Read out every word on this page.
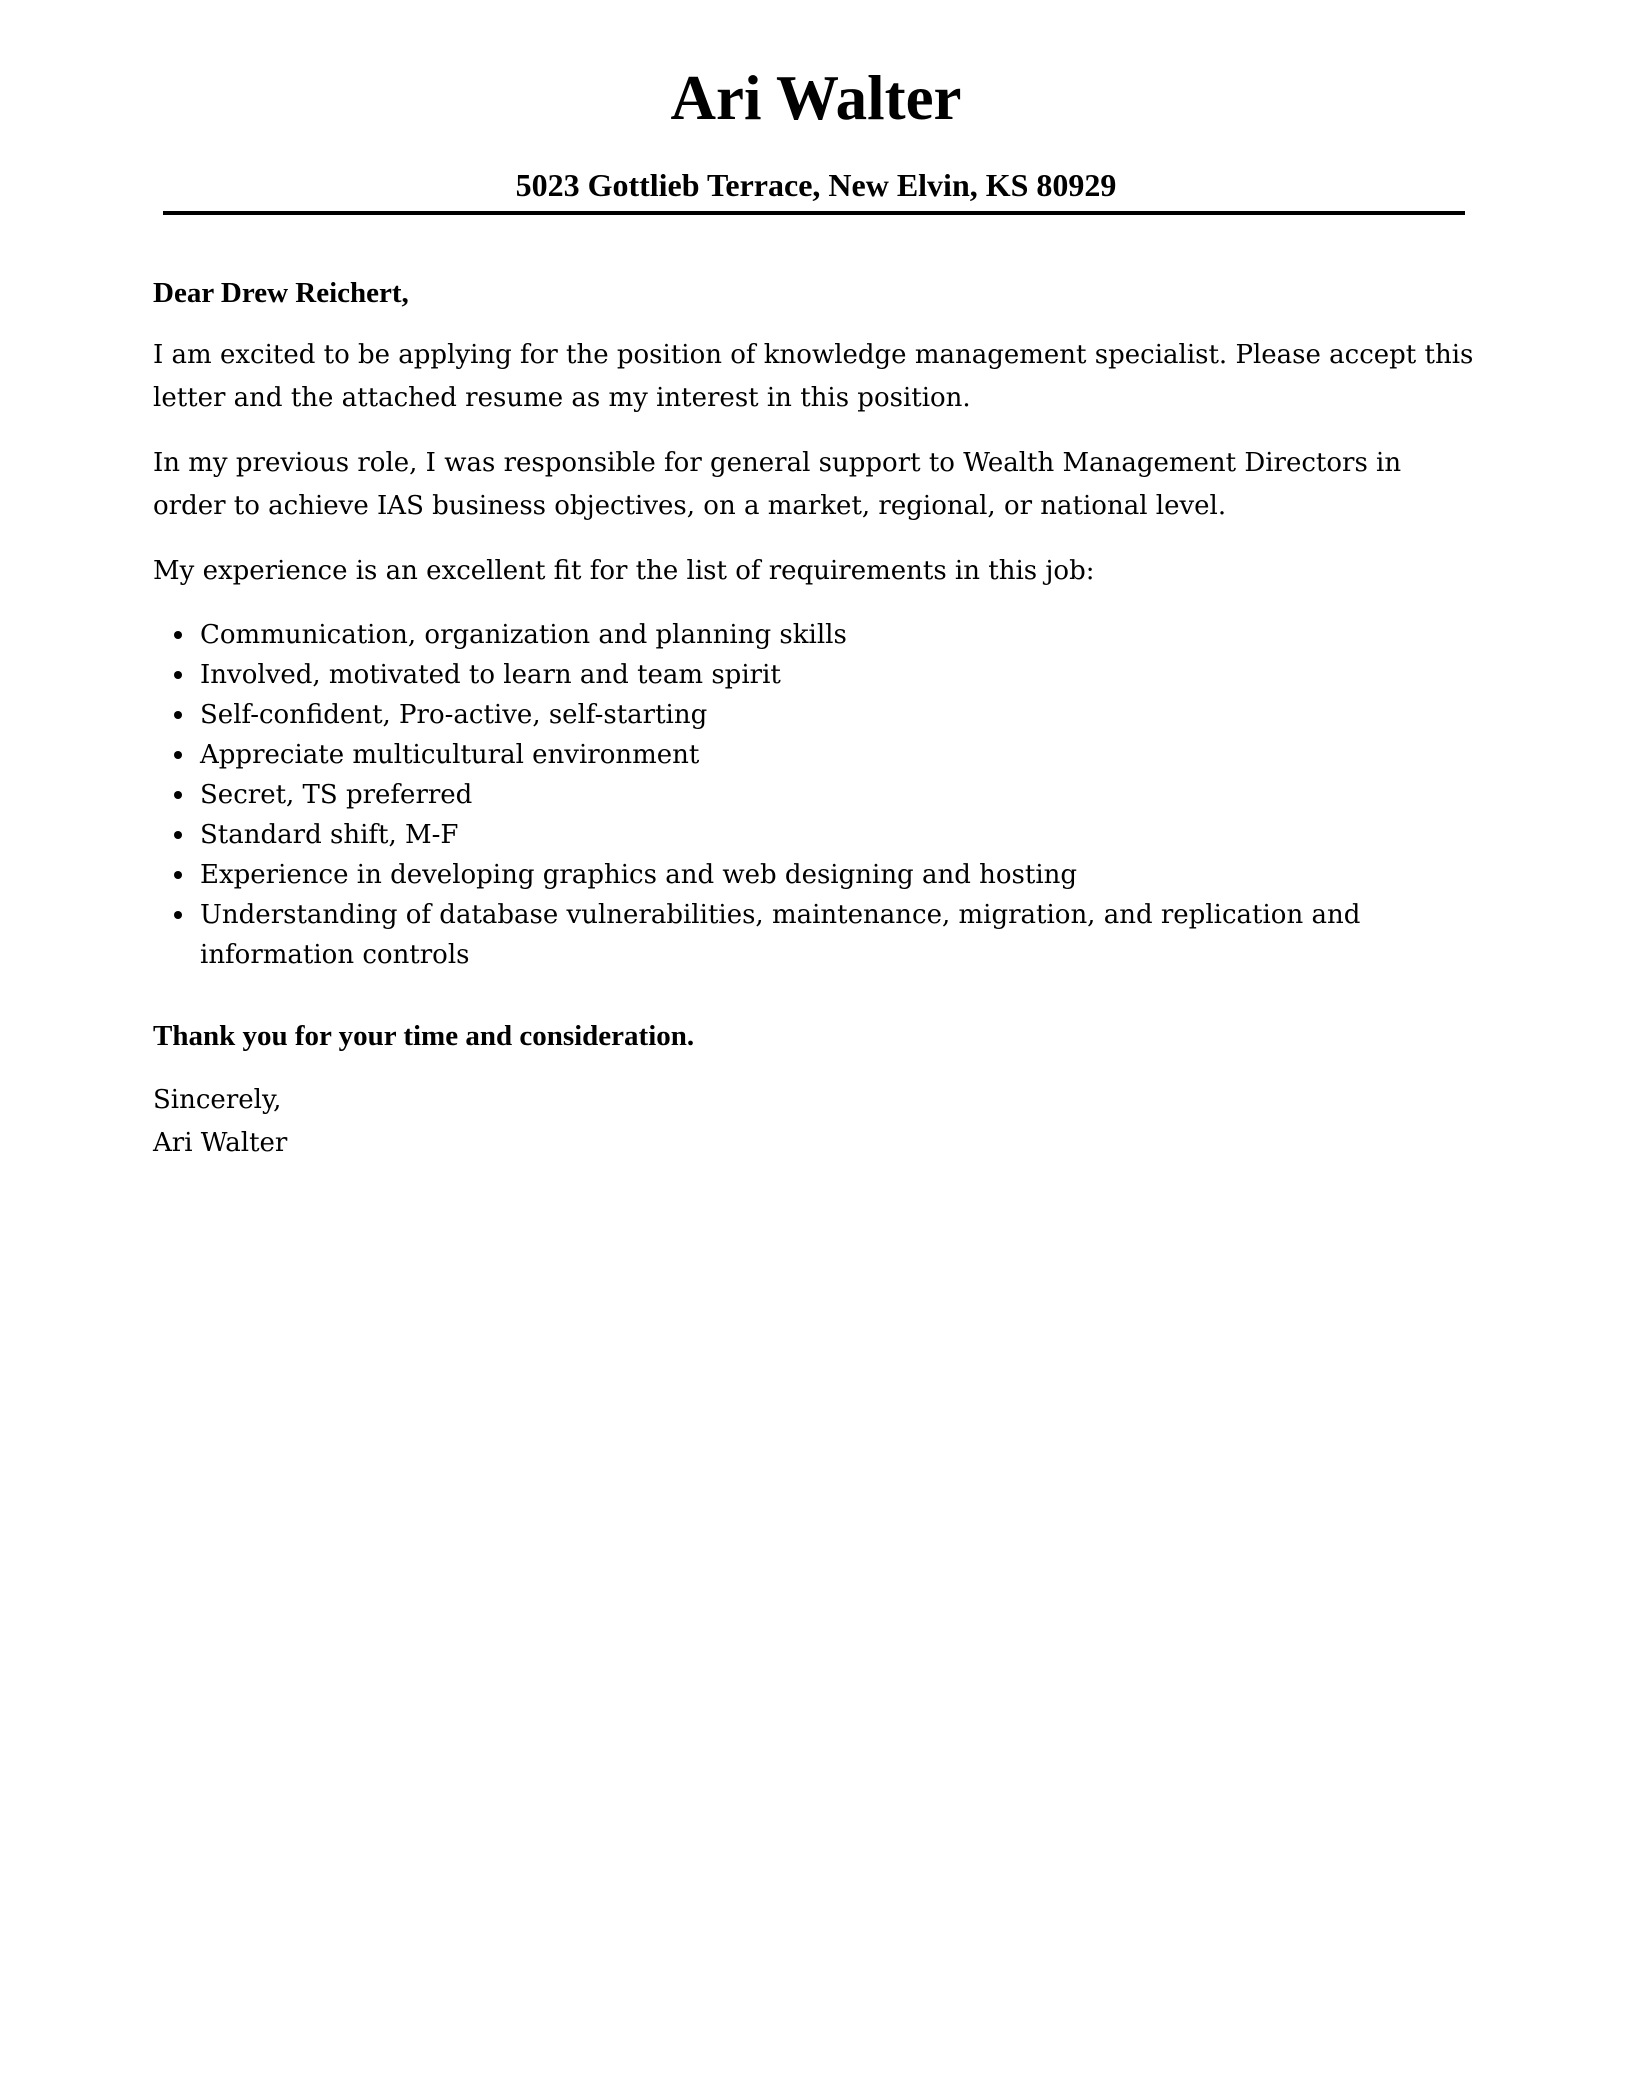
Ari Walter
5023 Gottlieb Terrace, New Elvin, KS 80929

Dear Drew Reichert,

I am excited to be applying for the position of knowledge management specialist. Please accept this letter and the attached resume as my interest in this position.

In my previous role, I was responsible for general support to Wealth Management Directors in order to achieve IAS business objectives, on a market, regional, or national level.

My experience is an excellent fit for the list of requirements in this job:

Communication, organization and planning skills
Involved, motivated to learn and team spirit
Self-confident, Pro-active, self-starting
Appreciate multicultural environment
Secret, TS preferred
Standard shift, M-F
Experience in developing graphics and web designing and hosting
Understanding of database vulnerabilities, maintenance, migration, and replication and information controls

Thank you for your time and consideration.

Sincerely,
Ari Walter
